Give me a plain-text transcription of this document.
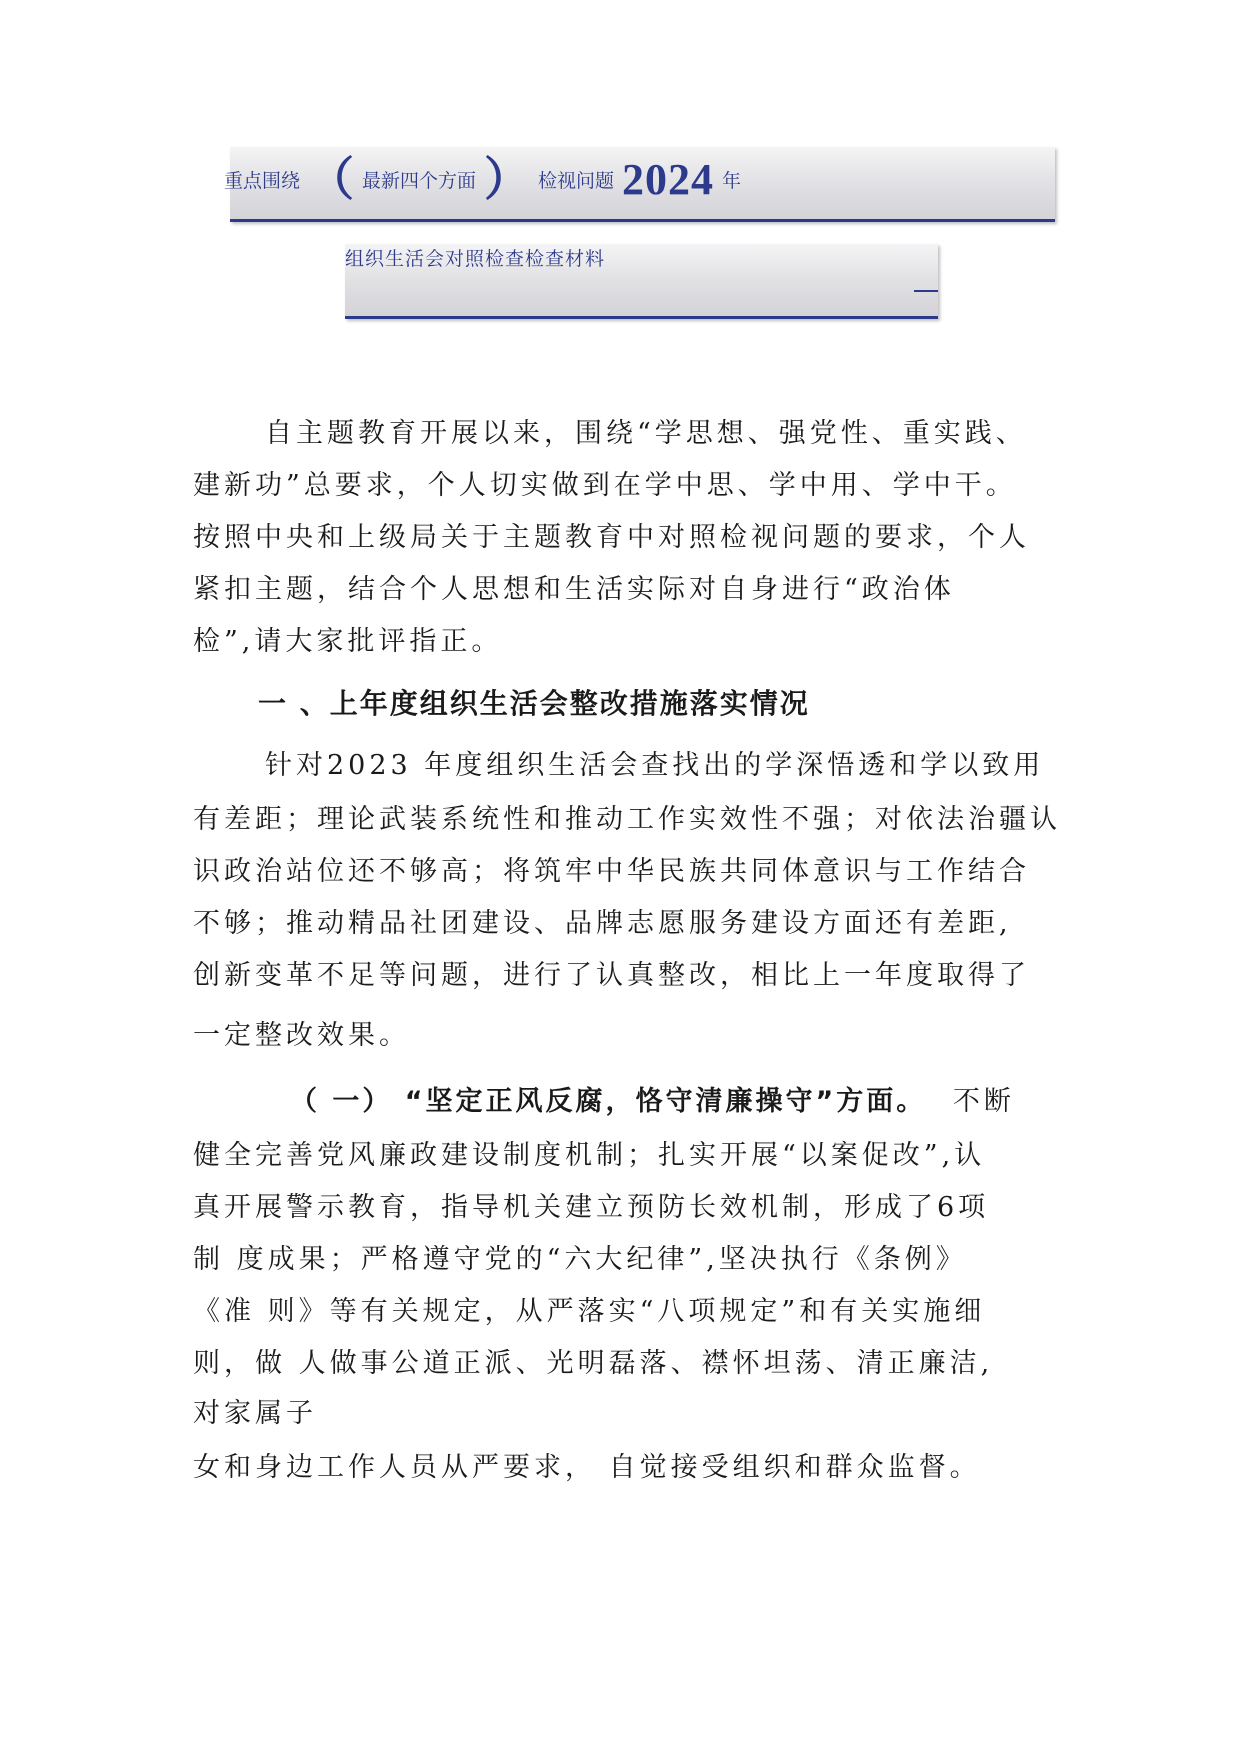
重点围绕 （ 最新四个方面 ） 检视问题 2024 年
组织生活会对照检查检查材料
自主题教育开展以来，围绕“学思想、强党性、重实践、
建新功”总要求，个人切实做到在学中思、学中用、学中干。
按照中央和上级局关于主题教育中对照检视问题的要求，个人
紧扣主题，结合个人思想和生活实际对自身进行“政治体
检”,请大家批评指正。
一 、上年度组织生活会整改措施落实情况
针对2023 年度组织生活会查找出的学深悟透和学以致用
有差距；理论武装系统性和推动工作实效性不强；对依法治疆认
识政治站位还不够高；将筑牢中华民族共同体意识与工作结合
不够；推动精品社团建设、品牌志愿服务建设方面还有差距,
创新变革不足等问题，进行了认真整改，相比上一年度取得了
一定整改效果。
（ 一） “坚定正风反腐，恪守清廉操守”方面。 不断
健全完善党风廉政建设制度机制；扎实开展“以案促改”,认
真开展警示教育，指导机关建立预防长效机制，形成了6项
制 度成果；严格遵守党的“六大纪律”,坚决执行《条例》
《准 则》等有关规定，从严落实“八项规定”和有关实施细
则，做 人做事公道正派、光明磊落、襟怀坦荡、清正廉洁,
对家属子
女和身边工作人员从严要求， 自觉接受组织和群众监督。
